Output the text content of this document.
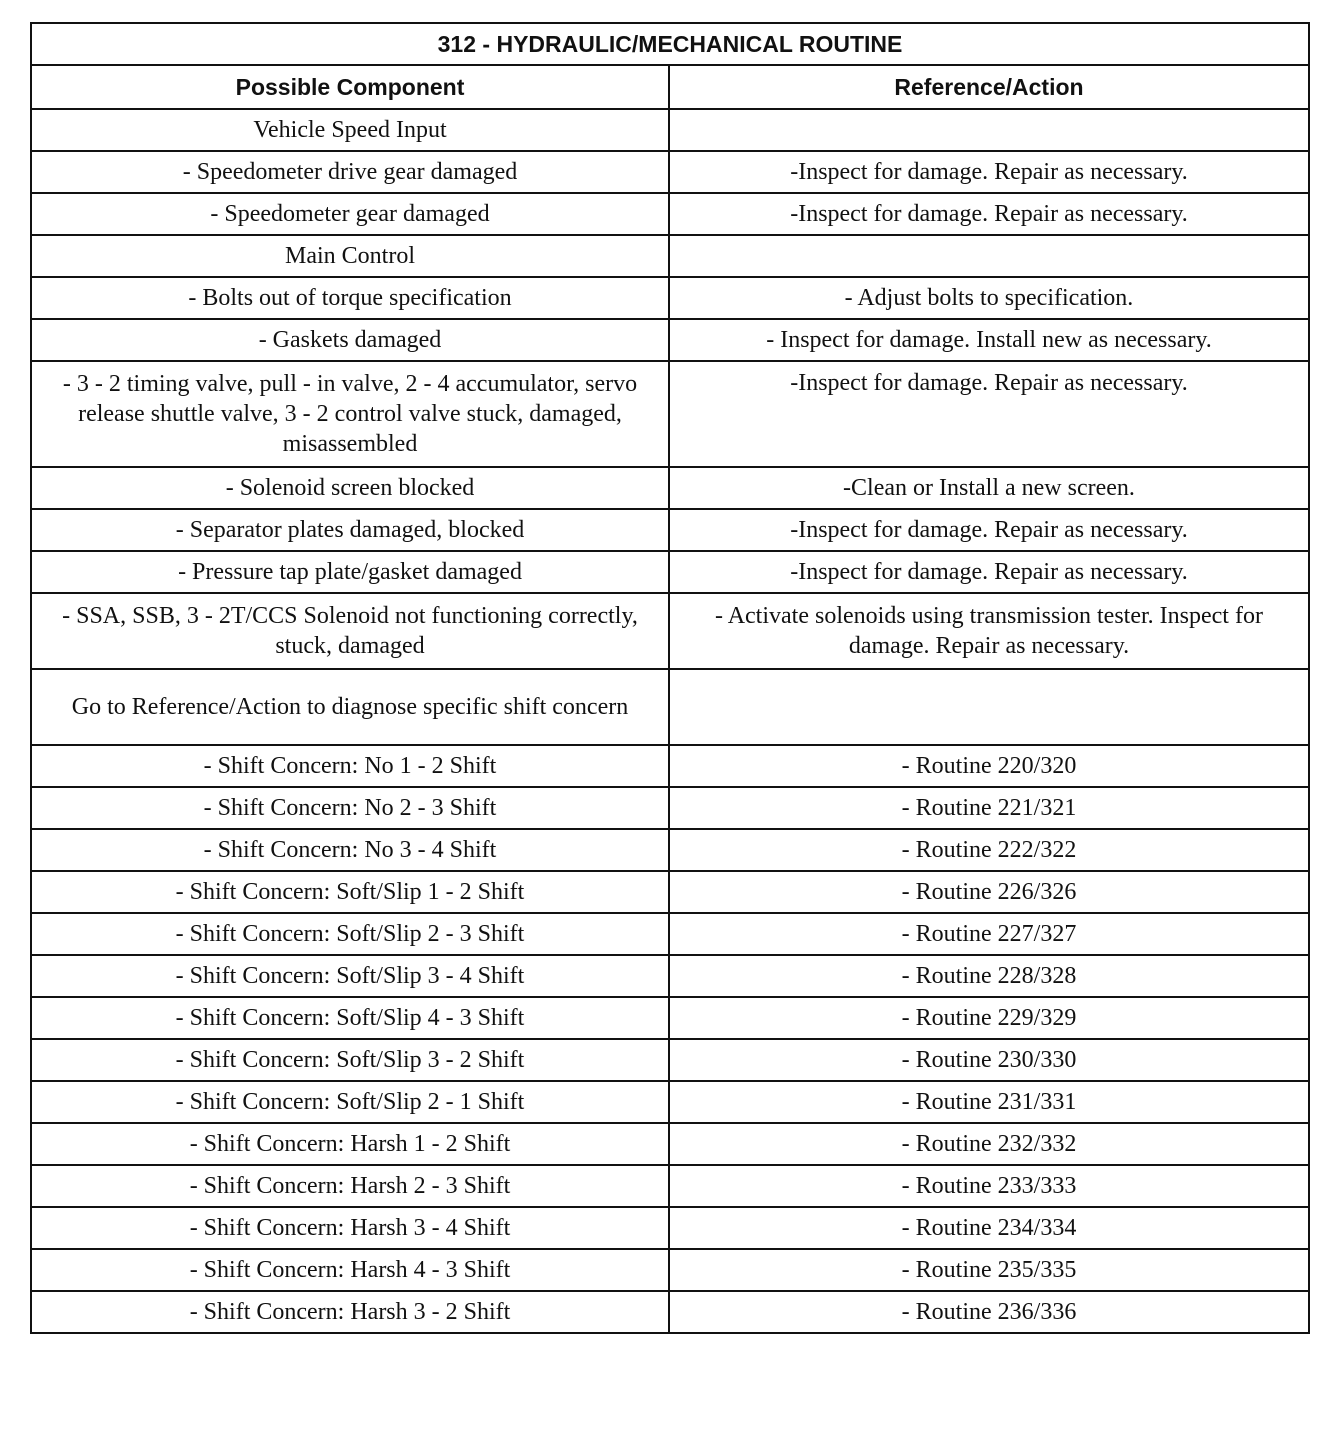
312 - HYDRAULIC/MECHANICAL ROUTINE	
Possible Component	Reference/Action
Vehicle Speed Input	
- Speedometer drive gear damaged	-Inspect for damage. Repair as necessary.
- Speedometer gear damaged	-Inspect for damage. Repair as necessary.
Main Control	
- Bolts out of torque specification	- Adjust bolts to specification.
- Gaskets damaged	- Inspect for damage. Install new as necessary.
- 3 - 2 timing valve, pull - in valve, 2 - 4 accumulator, servo release shuttle valve, 3 - 2 control valve stuck, damaged, misassembled	-Inspect for damage. Repair as necessary.
- Solenoid screen blocked	-Clean or Install a new screen.
- Separator plates damaged, blocked	-Inspect for damage. Repair as necessary.
- Pressure tap plate/gasket damaged	-Inspect for damage. Repair as necessary.
- SSA, SSB, 3 - 2T/CCS Solenoid not functioning correctly, stuck, damaged	- Activate solenoids using transmission tester. Inspect for damage. Repair as necessary.
Go to Reference/Action to diagnose specific shift concern	
- Shift Concern: No 1 - 2 Shift	- Routine 220/320
- Shift Concern: No 2 - 3 Shift	- Routine 221/321
- Shift Concern: No 3 - 4 Shift	- Routine 222/322
- Shift Concern: Soft/Slip 1 - 2 Shift	- Routine 226/326
- Shift Concern: Soft/Slip 2 - 3 Shift	- Routine 227/327
- Shift Concern: Soft/Slip 3 - 4 Shift	- Routine 228/328
- Shift Concern: Soft/Slip 4 - 3 Shift	- Routine 229/329
- Shift Concern: Soft/Slip 3 - 2 Shift	- Routine 230/330
- Shift Concern: Soft/Slip 2 - 1 Shift	- Routine 231/331
- Shift Concern: Harsh 1 - 2 Shift	- Routine 232/332
- Shift Concern: Harsh 2 - 3 Shift	- Routine 233/333
- Shift Concern: Harsh 3 - 4 Shift	- Routine 234/334
- Shift Concern: Harsh 4 - 3 Shift	- Routine 235/335
- Shift Concern: Harsh 3 - 2 Shift	- Routine 236/336
